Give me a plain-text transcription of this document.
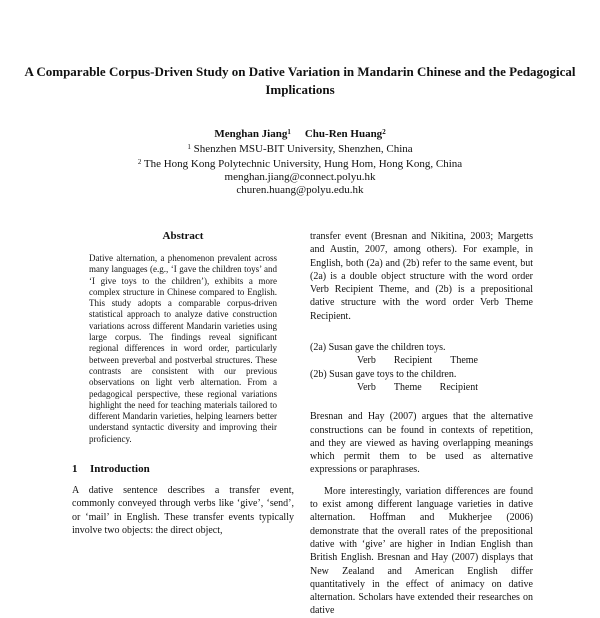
A Comparable Corpus-Driven Study on Dative Variation in Mandarin Chinese and the Pedagogical Implications
Menghan Jiang$^1$ Chu-Ren Huang$^2$
$^1$ Shenzhen MSU-BIT University, Shenzhen, China
$^2$ The Hong Kong Polytechnic University, Hung Hom, Hong Kong, China
menghan.jiang@connect.polyu.hk
churen.huang@polyu.edu.hk
Abstract

Dative alternation, a phenomenon prevalent across many languages (e.g., ‘I gave the children toys’ and ‘I give toys to the children’), exhibits a more complex structure in Chinese compared to English. This study adopts a comparable corpus-driven statistical approach to analyze dative construction variations across different Mandarin varieties using large corpus. The findings reveal significant regional differences in word order, particularly between preverbal and postverbal structures. These contrasts are consistent with our previous observations on light verb alternation. From a pedagogical perspective, these regional variations highlight the need for teaching materials tailored to different Mandarin varieties, helping learners better understand syntactic diversity and improving their proficiency.

1 Introduction

A dative sentence describes a transfer event, commonly conveyed through verbs like ‘give’, ‘send’, or ‘mail’ in English. These transfer events typically involve two objects: the direct object,

transfer event (Bresnan and Nikitina, 2003; Margetts and Austin, 2007, among others). For example, in English, both (2a) and (2b) refer to the same event, but (2a) is a double object structure with the word order Verb Recipient Theme, and (2b) is a prepositional dative structure with the word order Verb Theme Recipient.

(2a) Susan gave the children toys.

Verb Recipient Theme

(2b) Susan gave toys to the children.

Verb Theme Recipient

Bresnan and Hay (2007) argues that the alternative constructions can be found in contexts of repetition, and they are viewed as having overlapping meanings which permit them to be used as alternative expressions or paraphrases.

More interestingly, variation differences are found to exist among different language varieties in dative alternation. Hoffman and Mukherjee (2006) demonstrate that the overall rates of the prepositional dative with ‘give’ are higher in Indian English than British English. Bresnan and Hay (2007) displays that New Zealand and American English differ quantitatively in the effect of animacy on dative alternation. Scholars have extended their researches on dative
